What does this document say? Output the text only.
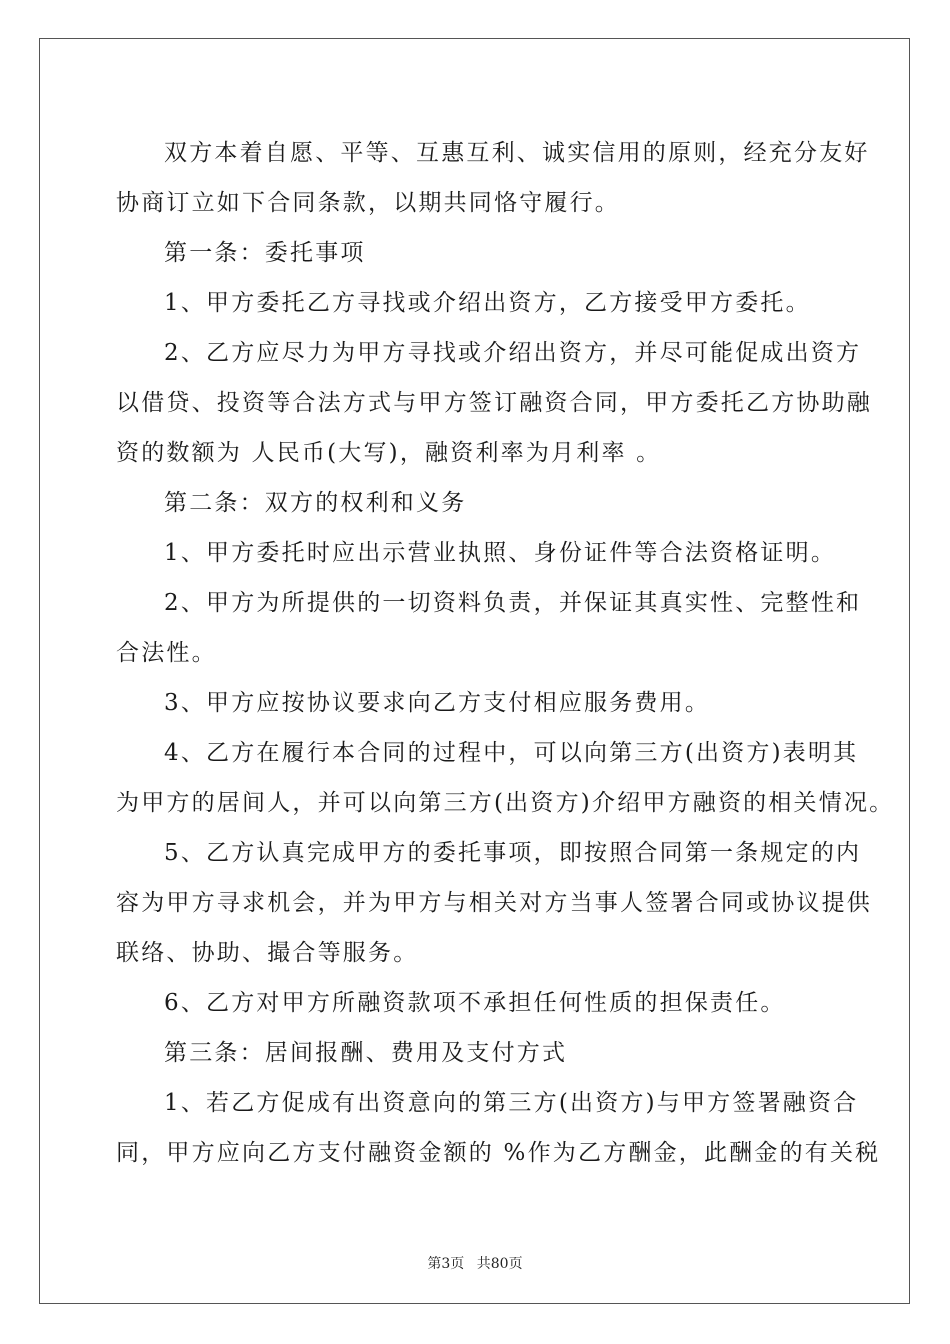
双方本着自愿、平等、互惠互利、诚实信用的原则，经充分友好

协商订立如下合同条款，以期共同恪守履行。

第一条：委托事项

1、甲方委托乙方寻找或介绍出资方，乙方接受甲方委托。

2、乙方应尽力为甲方寻找或介绍出资方，并尽可能促成出资方

以借贷、投资等合法方式与甲方签订融资合同，甲方委托乙方协助融

资的数额为 人民币(大写)，融资利率为月利率 。

第二条：双方的权利和义务

1、甲方委托时应出示营业执照、身份证件等合法资格证明。

2、甲方为所提供的一切资料负责，并保证其真实性、完整性和

合法性。

3、甲方应按协议要求向乙方支付相应服务费用。

4、乙方在履行本合同的过程中，可以向第三方(出资方)表明其

为甲方的居间人，并可以向第三方(出资方)介绍甲方融资的相关情况。

5、乙方认真完成甲方的委托事项，即按照合同第一条规定的内

容为甲方寻求机会，并为甲方与相关对方当事人签署合同或协议提供

联络、协助、撮合等服务。

6、乙方对甲方所融资款项不承担任何性质的担保责任。

第三条：居间报酬、费用及支付方式

1、若乙方促成有出资意向的第三方(出资方)与甲方签署融资合

同，甲方应向乙方支付融资金额的 %作为乙方酬金，此酬金的有关税

第3页 共80页
